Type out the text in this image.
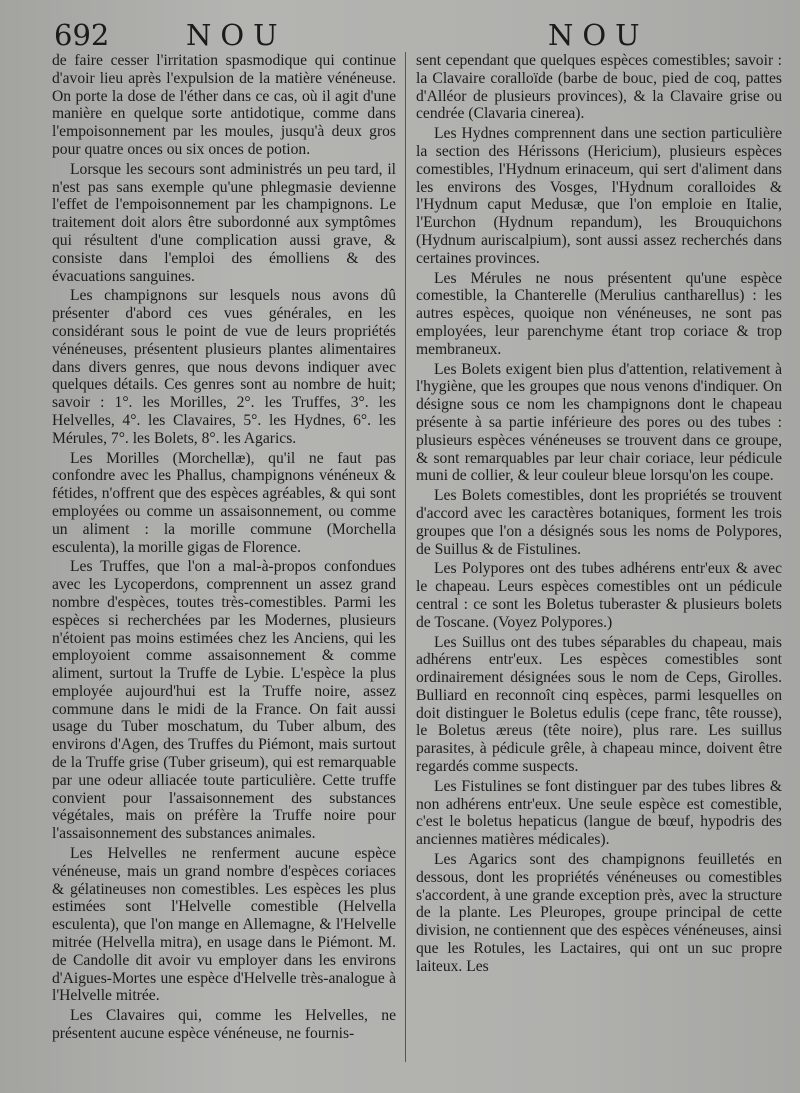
692	NOU	NOU

de faire cesser l'irritation spasmodique qui continue d'avoir lieu après l'expulsion de la matière vénéneuse. On porte la dose de l'éther dans ce cas, où il agit d'une manière en quelque sorte antidotique, comme dans l'empoisonnement par les moules, jusqu'à deux gros pour quatre onces ou six onces de potion.

Lorsque les secours sont administrés un peu tard, il n'est pas sans exemple qu'une phlegmasie devienne l'effet de l'empoisonnement par les champignons. Le traitement doit alors être subordonné aux symptômes qui résultent d'une complication aussi grave, & consiste dans l'emploi des émolliens & des évacuations sanguines.

Les champignons sur lesquels nous avons dû présenter d'abord ces vues générales, en les considérant sous le point de vue de leurs propriétés vénéneuses, présentent plusieurs plantes alimentaires dans divers genres, que nous devons indiquer avec quelques détails. Ces genres sont au nombre de huit; savoir : 1°. les Morilles, 2°. les Truffes, 3°. les Helvelles, 4°. les Clavaires, 5°. les Hydnes, 6°. les Mérules, 7°. les Bolets, 8°. les Agarics.

Les Morilles (Morchellæ), qu'il ne faut pas confondre avec les Phallus, champignons vénéneux & fétides, n'offrent que des espèces agréables, & qui sont employées ou comme un assaisonnement, ou comme un aliment : la morille commune (Morchella esculenta), la morille gigas de Florence.

Les Truffes, que l'on a mal-à-propos confondues avec les Lycoperdons, comprennent un assez grand nombre d'espèces, toutes très-comestibles. Parmi les espèces si recherchées par les Modernes, plusieurs n'étoient pas moins estimées chez les Anciens, qui les employoient comme assaisonnement & comme aliment, surtout la Truffe de Lybie. L'espèce la plus employée aujourd'hui est la Truffe noire, assez commune dans le midi de la France. On fait aussi usage du Tuber moschatum, du Tuber album, des environs d'Agen, des Truffes du Piémont, mais surtout de la Truffe grise (Tuber griseum), qui est remarquable par une odeur alliacée toute particulière. Cette truffe convient pour l'assaisonnement des substances végétales, mais on préfère la Truffe noire pour l'assaisonnement des substances animales.

Les Helvelles ne renferment aucune espèce vénéneuse, mais un grand nombre d'espèces coriaces & gélatineuses non comestibles. Les espèces les plus estimées sont l'Helvelle comestible (Helvella esculenta), que l'on mange en Allemagne, & l'Helvelle mitrée (Helvella mitra), en usage dans le Piémont. M. de Candolle dit avoir vu employer dans les environs d'Aigues-Mortes une espèce d'Helvelle très-analogue à l'Helvelle mitrée.

Les Clavaires qui, comme les Helvelles, ne présentent aucune espèce vénéneuse, ne fournis-

sent cependant que quelques espèces comestibles; savoir : la Clavaire coralloïde (barbe de bouc, pied de coq, pattes d'Alléor de plusieurs provinces), & la Clavaire grise ou cendrée (Clavaria cinerea).

Les Hydnes comprennent dans une section particulière la section des Hérissons (Hericium), plusieurs espèces comestibles, l'Hydnum erinaceum, qui sert d'aliment dans les environs des Vosges, l'Hydnum coralloides & l'Hydnum caput Medusæ, que l'on emploie en Italie, l'Eurchon (Hydnum repandum), les Brouquichons (Hydnum auriscalpium), sont aussi assez recherchés dans certaines provinces.

Les Mérules ne nous présentent qu'une espèce comestible, la Chanterelle (Merulius cantharellus) : les autres espèces, quoique non vénéneuses, ne sont pas employées, leur parenchyme étant trop coriace & trop membraneux.

Les Bolets exigent bien plus d'attention, relativement à l'hygiène, que les groupes que nous venons d'indiquer. On désigne sous ce nom les champignons dont le chapeau présente à sa partie inférieure des pores ou des tubes : plusieurs espèces vénéneuses se trouvent dans ce groupe, & sont remarquables par leur chair coriace, leur pédicule muni de collier, & leur couleur bleue lorsqu'on les coupe.

Les Bolets comestibles, dont les propriétés se trouvent d'accord avec les caractères botaniques, forment les trois groupes que l'on a désignés sous les noms de Polypores, de Suillus & de Fistulines.

Les Polypores ont des tubes adhérens entr'eux & avec le chapeau. Leurs espèces comestibles ont un pédicule central : ce sont les Boletus tuberaster & plusieurs bolets de Toscane. (Voyez Polypores.)

Les Suillus ont des tubes séparables du chapeau, mais adhérens entr'eux. Les espèces comestibles sont ordinairement désignées sous le nom de Ceps, Girolles. Bulliard en reconnoît cinq espèces, parmi lesquelles on doit distinguer le Boletus edulis (cepe franc, tête rousse), le Boletus æreus (tête noire), plus rare. Les suillus parasites, à pédicule grêle, à chapeau mince, doivent être regardés comme suspects.

Les Fistulines se font distinguer par des tubes libres & non adhérens entr'eux. Une seule espèce est comestible, c'est le boletus hepaticus (langue de bœuf, hypodris des anciennes matières médicales).

Les Agarics sont des champignons feuilletés en dessous, dont les propriétés vénéneuses ou comestibles s'accordent, à une grande exception près, avec la structure de la plante. Les Pleuropes, groupe principal de cette division, ne contiennent que des espèces vénéneuses, ainsi que les Rotules, les Lactaires, qui ont un suc propre laiteux. Les
